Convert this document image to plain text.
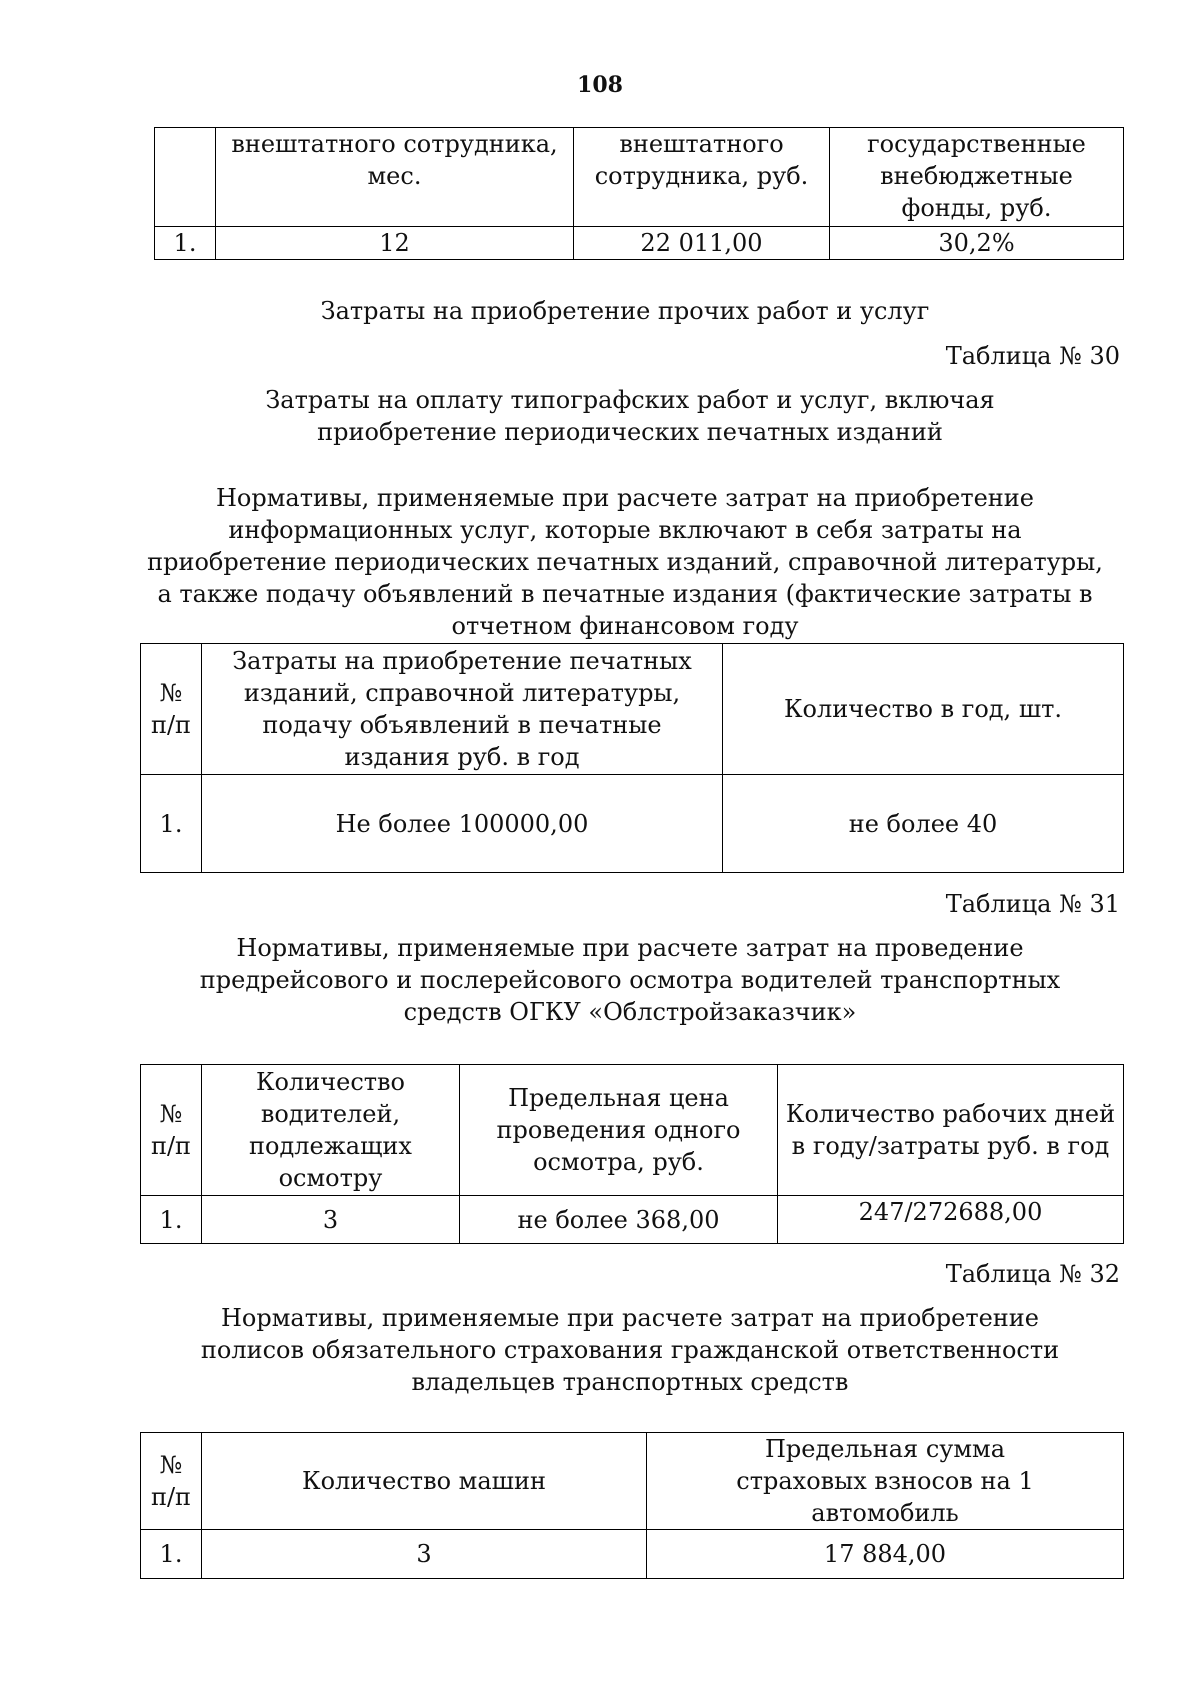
108
	внештатного сотрудника, мес.	внештатного сотрудника, руб.	государственные внебюджетные фонды, руб.
1.	12	22 011,00	30,2%
Затраты на приобретение прочих работ и услуг
Таблица № 30
Затраты на оплату типографских работ и услуг, включая приобретение периодических печатных изданий
Нормативы, применяемые при расчете затрат на приобретение информационных услуг, которые включают в себя затраты на приобретение периодических печатных изданий, справочной литературы, а также подачу объявлений в печатные издания (фактические затраты в отчетном финансовом году
№ п/п	Затраты на приобретение печатных изданий, справочной литературы, подачу объявлений в печатные издания руб. в год	Количество в год, шт.
1.	Не более 100000,00	не более 40
Таблица № 31
Нормативы, применяемые при расчете затрат на проведение предрейсового и послерейсового осмотра водителей транспортных средств ОГКУ «Облстройзаказчик»
№ п/п	Количество водителей, подлежащих осмотру	Предельная цена проведения одного осмотра, руб.	Количество рабочих дней в году/затраты руб. в год
1.	3	не более 368,00	247/272688,00
Таблица № 32
Нормативы, применяемые при расчете затрат на приобретение полисов обязательного страхования гражданской ответственности владельцев транспортных средств
№ п/п	Количество машин	Предельная сумма страховых взносов на 1 автомобиль
1.	3	17 884,00
